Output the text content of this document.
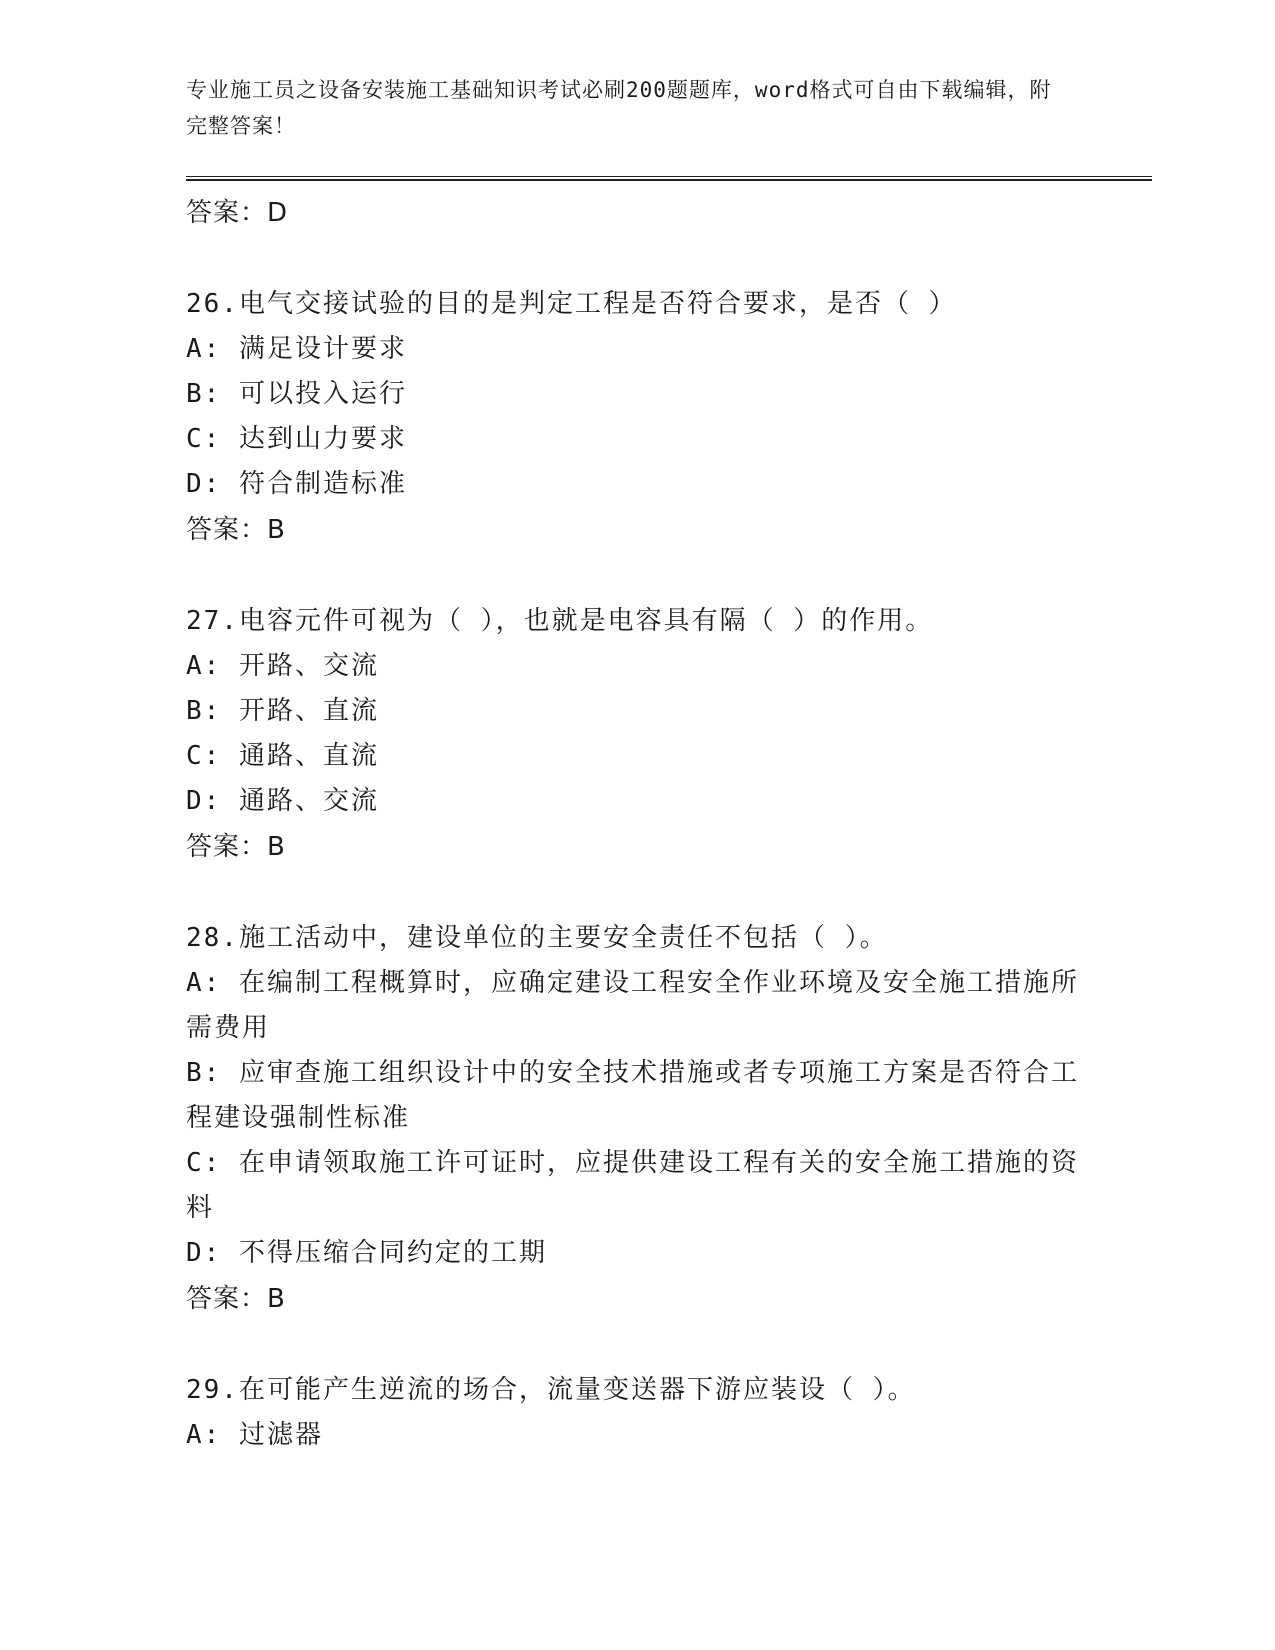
专业施工员之设备安装施工基础知识考试必刷200题题库，word格式可自由下载编辑，附完整答案！
答案：D
26.电气交接试验的目的是判定工程是否符合要求，是否（ ）
A: 满足设计要求
B: 可以投入运行
C: 达到山力要求
D: 符合制造标准
答案：B
27.电容元件可视为（ ），也就是电容具有隔（ ）的作用。
A: 开路、交流
B: 开路、直流
C: 通路、直流
D: 通路、交流
答案：B
28.施工活动中，建设单位的主要安全责任不包括（ ）。
A: 在编制工程概算时，应确定建设工程安全作业环境及安全施工措施所需费用
B: 应审查施工组织设计中的安全技术措施或者专项施工方案是否符合工程建设强制性标准
C: 在申请领取施工许可证时，应提供建设工程有关的安全施工措施的资料
D: 不得压缩合同约定的工期
答案：B
29.在可能产生逆流的场合，流量变送器下游应装设（ ）。
A: 过滤器
